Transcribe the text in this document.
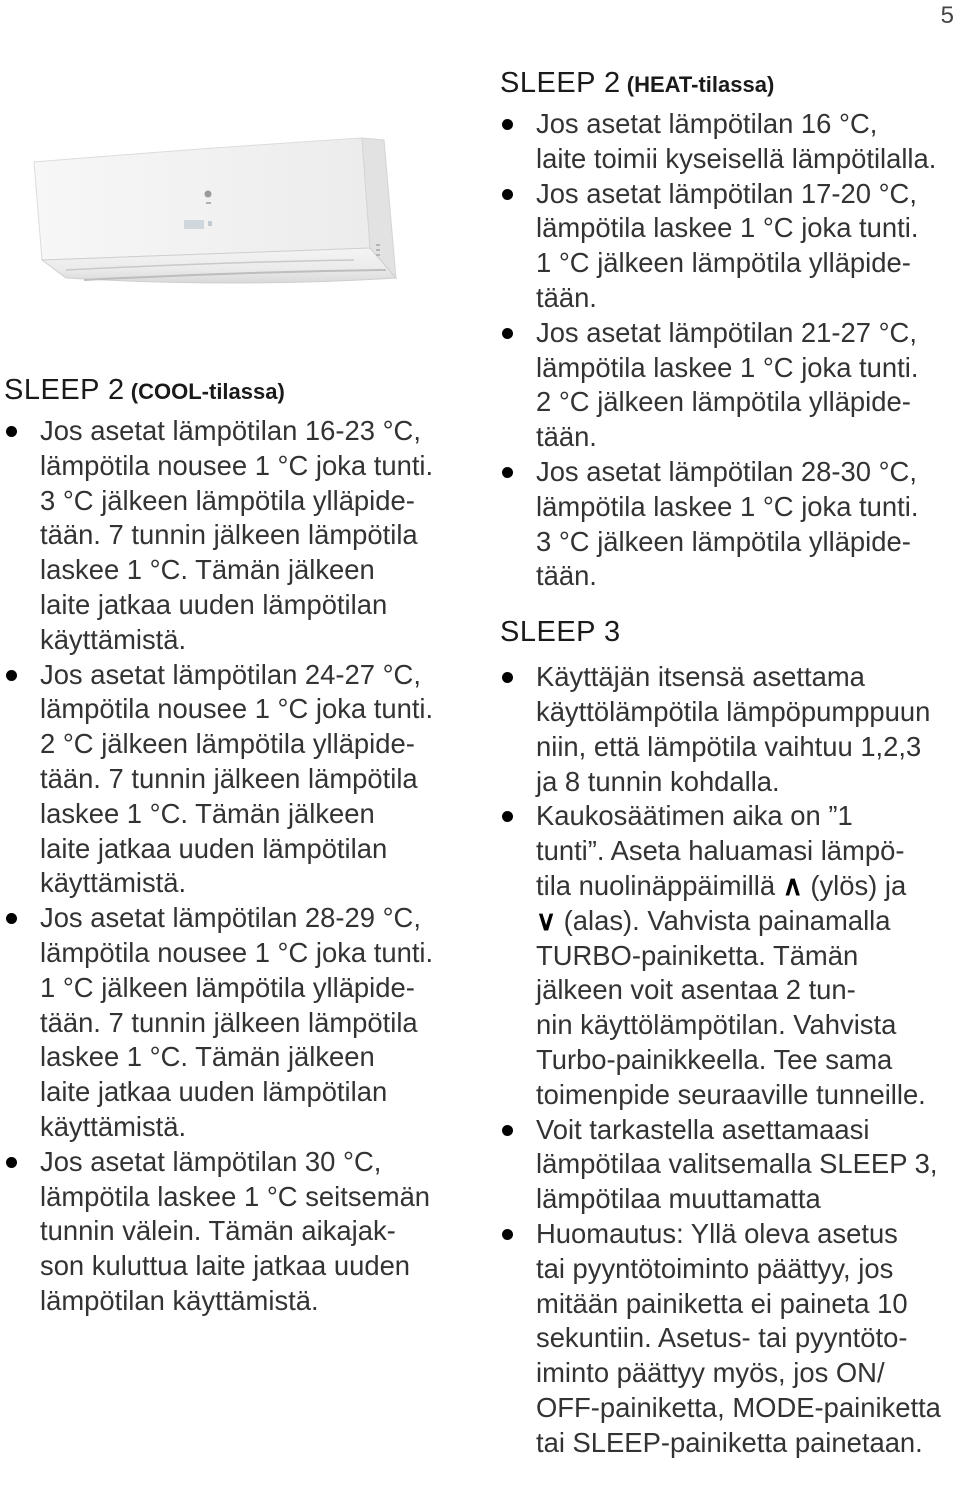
5
SLEEP 2 (COOL-tilassa)
Jos asetat lämpötilan 16-23 °C,
lämpötila nousee 1 °C joka tunti.
3 °C jälkeen lämpötila ylläpide-
tään. 7 tunnin jälkeen lämpötila
laskee 1 °C. Tämän jälkeen
laite jatkaa uuden lämpötilan
käyttämistä.
Jos asetat lämpötilan 24-27 °C,
lämpötila nousee 1 °C joka tunti.
2 °C jälkeen lämpötila ylläpide-
tään. 7 tunnin jälkeen lämpötila
laskee 1 °C. Tämän jälkeen
laite jatkaa uuden lämpötilan
käyttämistä.
Jos asetat lämpötilan 28-29 °C,
lämpötila nousee 1 °C joka tunti.
1 °C jälkeen lämpötila ylläpide-
tään. 7 tunnin jälkeen lämpötila
laskee 1 °C. Tämän jälkeen
laite jatkaa uuden lämpötilan
käyttämistä.
Jos asetat lämpötilan 30 °C,
lämpötila laskee 1 °C seitsemän
tunnin välein. Tämän aikajak-
son kuluttua laite jatkaa uuden
lämpötilan käyttämistä.
SLEEP 2 (HEAT-tilassa)
Jos asetat lämpötilan 16 °C,
laite toimii kyseisellä lämpötilalla.
Jos asetat lämpötilan 17-20 °C,
lämpötila laskee 1 °C joka tunti.
1 °C jälkeen lämpötila ylläpide-
tään.
Jos asetat lämpötilan 21-27 °C,
lämpötila laskee 1 °C joka tunti.
2 °C jälkeen lämpötila ylläpide-
tään.
Jos asetat lämpötilan 28-30 °C,
lämpötila laskee 1 °C joka tunti.
3 °C jälkeen lämpötila ylläpide-
tään.
SLEEP 3
Käyttäjän itsensä asettama
käyttölämpötila lämpöpumppuun
niin, että lämpötila vaihtuu 1,2,3
ja 8 tunnin kohdalla.
Kaukosäätimen aika on ”1
tunti”. Aseta haluamasi lämpö-
tila nuolinäppäimillä ∧ (ylös) ja
∨ (alas). Vahvista painamalla
TURBO-painiketta. Tämän
jälkeen voit asentaa 2 tun-
nin käyttölämpötilan. Vahvista
Turbo-painikkeella. Tee sama
toimenpide seuraaville tunneille.
Voit tarkastella asettamaasi
lämpötilaa valitsemalla SLEEP 3,
lämpötilaa muuttamatta
Huomautus: Yllä oleva asetus
tai pyyntötoiminto päättyy, jos
mitään painiketta ei paineta 10
sekuntiin. Asetus- tai pyyntöto-
iminto päättyy myös, jos ON/
OFF-painiketta, MODE-painiketta
tai SLEEP-painiketta painetaan.
